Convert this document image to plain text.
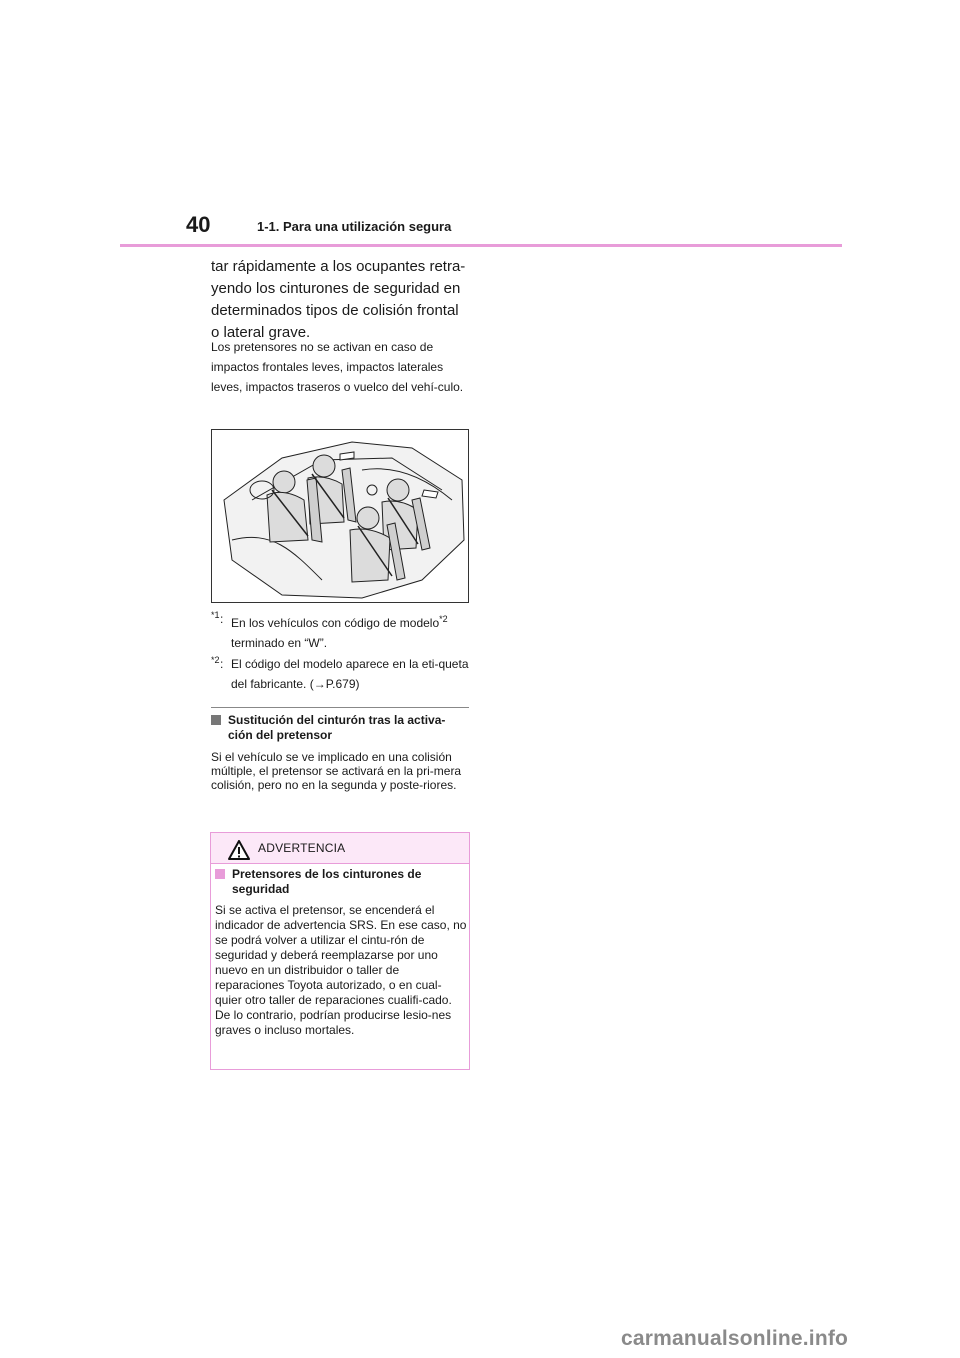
40	1-1. Para una utilización segura
tar rápidamente a los ocupantes retra-yendo los cinturones de seguridad en determinados tipos de colisión frontal o lateral grave.
Los pretensores no se activan en caso de impactos frontales leves, impactos laterales leves, impactos traseros o vuelco del vehí-culo.
*1 : En los vehículos con código de modelo$^{*2}$
terminado en “W”.
*2 : El código del modelo aparece en la eti-queta del fabricante. (→P.679)
Sustitución del cinturón tras la activa-ción del pretensor
Si el vehículo se ve implicado en una colisión múltiple, el pretensor se activará en la pri-mera colisión, pero no en la segunda y poste-riores.
ADVERTENCIA
Pretensores de los cinturones de seguridad
Si se activa el pretensor, se encenderá el indicador de advertencia SRS. En ese caso, no se podrá volver a utilizar el cintu-rón de seguridad y deberá reemplazarse por uno nuevo en un distribuidor o taller de reparaciones Toyota autorizado, o en cual-quier otro taller de reparaciones cualifi-cado.
De lo contrario, podrían producirse lesio-nes graves o incluso mortales.
carmanualsonline.info
